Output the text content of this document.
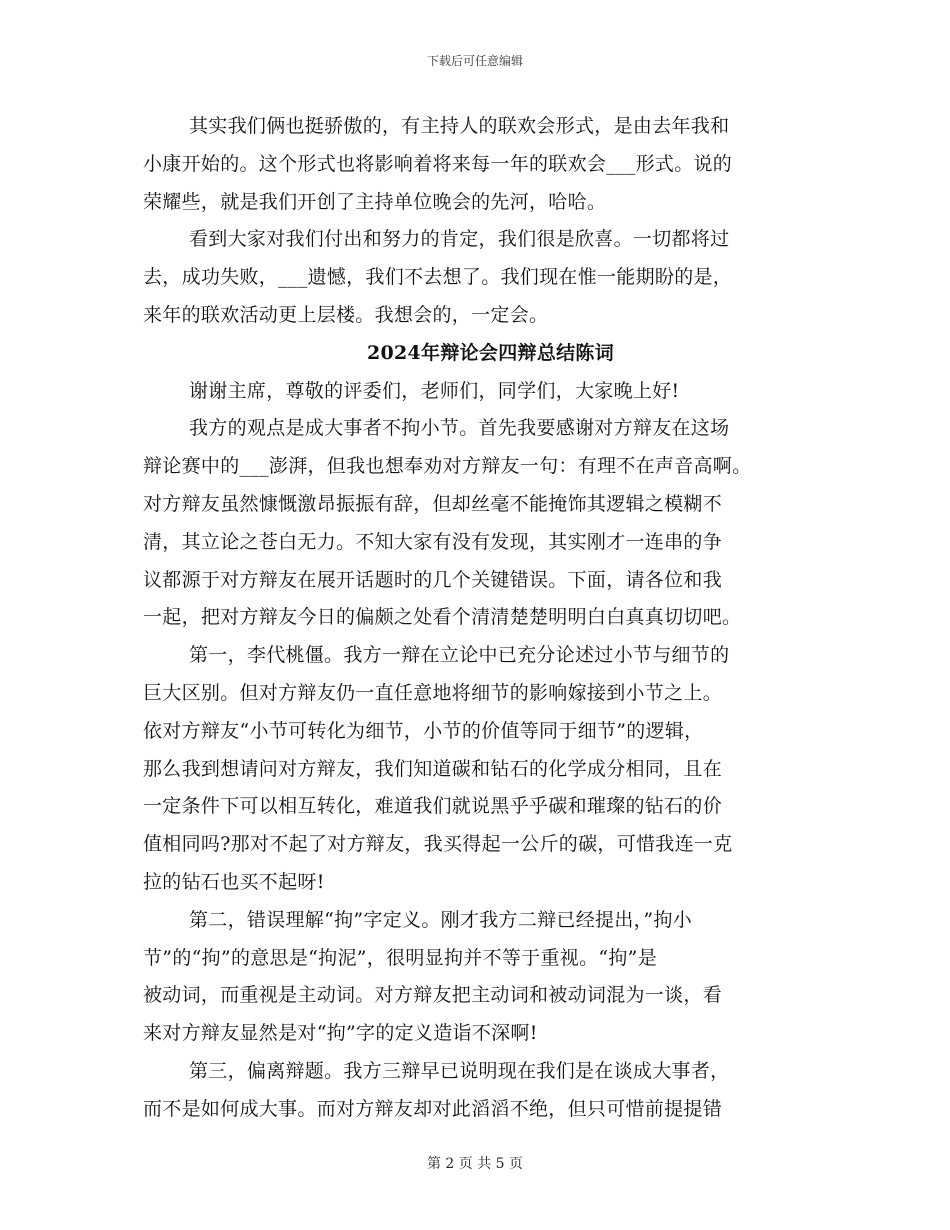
下载后可任意编辑
其实我们俩也挺骄傲的，有主持人的联欢会形式，是由去年我和
小康开始的。这个形式也将影响着将来每一年的联欢会___形式。说的
荣耀些，就是我们开创了主持单位晚会的先河，哈哈。
看到大家对我们付出和努力的肯定，我们很是欣喜。一切都将过
去，成功失败，___遗憾，我们不去想了。我们现在惟一能期盼的是，
来年的联欢活动更上层楼。我想会的，一定会。
2024年辩论会四辩总结陈词
谢谢主席，尊敬的评委们，老师们，同学们，大家晚上好!
我方的观点是成大事者不拘小节。首先我要感谢对方辩友在这场
辩论赛中的___澎湃，但我也想奉劝对方辩友一句：有理不在声音高啊。
对方辩友虽然慷慨激昂振振有辞，但却丝毫不能掩饰其逻辑之模糊不
清，其立论之苍白无力。不知大家有没有发现，其实刚才一连串的争
议都源于对方辩友在展开话题时的几个关键错误。下面，请各位和我
一起，把对方辩友今日的偏颇之处看个清清楚楚明明白白真真切切吧。
第一，李代桃僵。我方一辩在立论中已充分论述过小节与细节的
巨大区别。但对方辩友仍一直任意地将细节的影响嫁接到小节之上。
依对方辩友“小节可转化为细节，小节的价值等同于细节”的逻辑，
那么我到想请问对方辩友，我们知道碳和钻石的化学成分相同，且在
一定条件下可以相互转化，难道我们就说黑乎乎碳和璀璨的钻石的价
值相同吗?那对不起了对方辩友，我买得起一公斤的碳，可惜我连一克
拉的钻石也买不起呀!
第二，错误理解“拘”字定义。刚才我方二辩已经提出，”拘小
节”的“拘”的意思是“拘泥”，很明显拘并不等于重视。“拘”是
被动词，而重视是主动词。对方辩友把主动词和被动词混为一谈，看
来对方辩友显然是对“拘”字的定义造诣不深啊!
第三，偏离辩题。我方三辩早已说明现在我们是在谈成大事者，
而不是如何成大事。而对方辩友却对此滔滔不绝，但只可惜前提提错
第 2 页 共 5 页
